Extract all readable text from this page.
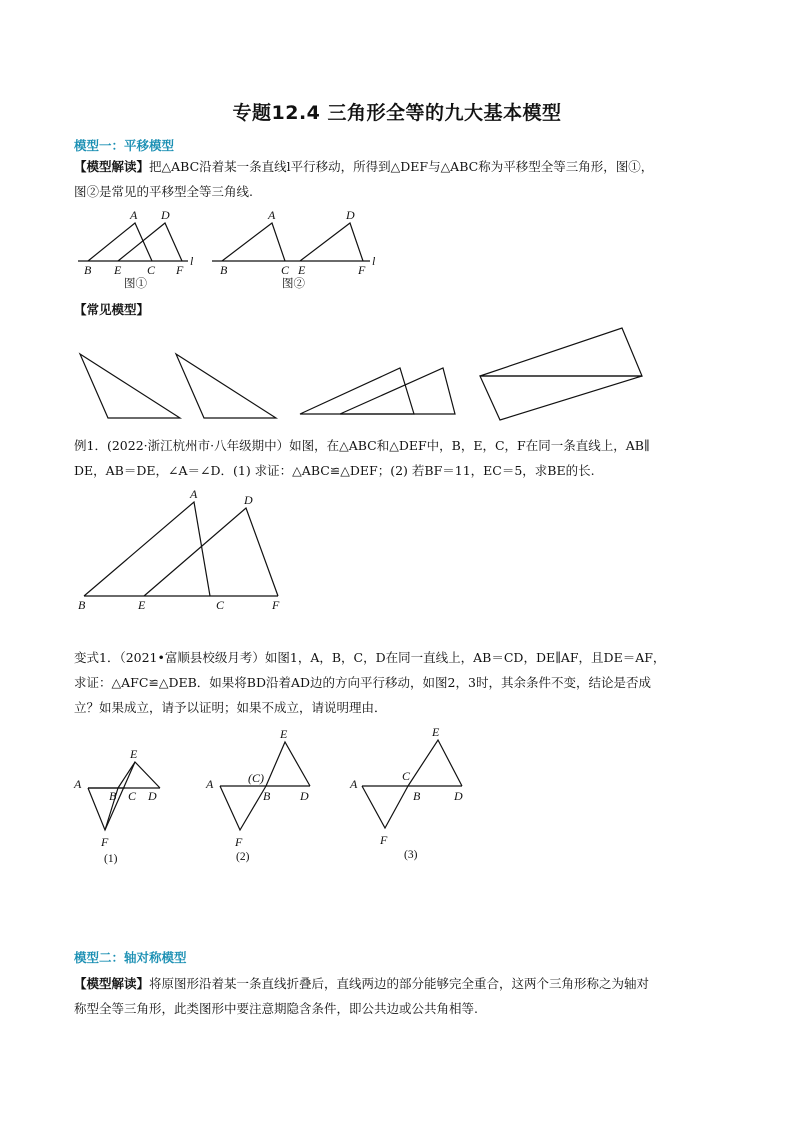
专题12.4 三角形全等的九大基本模型
模型一：平移模型
【模型解读】把△ABC沿着某一条直线l平行移动，所得到△DEF与△ABC称为平移型全等三角形，图①，
图②是常见的平移型全等三角线.
A D
B E C F
l
图①
A	D
B	C E	F
l
图②
【常见模型】
例1．(2022·浙江杭州市·八年级期中）如图，在△ABC和△DEF中，B，E，C，F在同一条直线上，AB∥
DE，AB＝DE，∠A＝∠D．(1) 求证：△ABC≌△DEF；(2) 若BF＝11，EC＝5，求BE的长.
A	D
B	E	C	F
变式1．（2021•富顺县校级月考）如图1，A，B，C，D在同一直线上，AB＝CD，DE∥AF，且DE＝AF，
求证：△AFC≌△DEB．如果将BD沿着AD边的方向平行移动，如图2，3时，其余条件不变，结论是否成
立？如果成立，请予以证明；如果不成立，请说明理由．
E
A
B C D
F
(1)
E
(C)
A
B D
F
(2)
E
C
A
B	D
F
(3)
模型二：轴对称模型
【模型解读】将原图形沿着某一条直线折叠后，直线两边的部分能够完全重合，这两个三角形称之为轴对
称型全等三角形，此类图形中要注意期隐含条件，即公共边或公共角相等.
